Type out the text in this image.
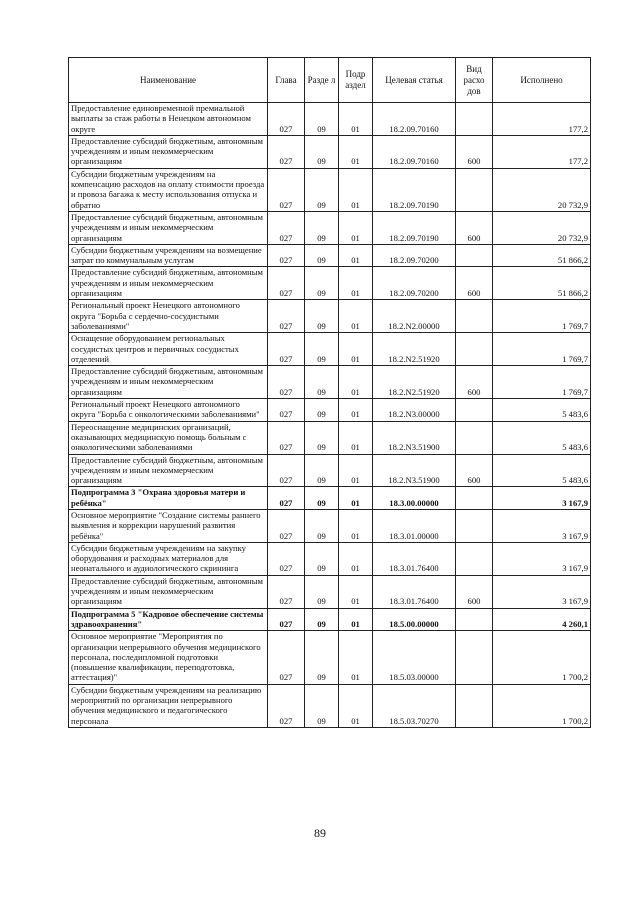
Наименование	Глава	Разде л	Подр аздел	Целевая статья	Вид расхо дов	Исполнено
Предоставление единовременной премиальной выплаты за стаж работы в Ненецком автономном округе	027	09	01	18.2.09.70160		177,2
Предоставление субсидий бюджетным, автономным учреждениям и иным некоммерческим организациям	027	09	01	18.2.09.70160	600	177,2
Субсидии бюджетным учреждениям на компенсацию расходов на оплату стоимости проезда и провоза багажа к месту использования отпуска и обратно	027	09	01	18.2.09.70190		20 732,9
Предоставление субсидий бюджетным, автономным учреждениям и иным некоммерческим организациям	027	09	01	18.2.09.70190	600	20 732,9
Субсидии бюджетным учреждениям на возмещение затрат по коммунальным услугам	027	09	01	18.2.09.70200		51 866,2
Предоставление субсидий бюджетным, автономным учреждениям и иным некоммерческим организациям	027	09	01	18.2.09.70200	600	51 866,2
Региональный проект Ненецкого автономного округа "Борьба с сердечно-сосудистыми заболеваниями"	027	09	01	18.2.N2.00000		1 769,7
Оснащение оборудованием региональных сосудистых центров и первичных сосудистых отделений	027	09	01	18.2.N2.51920		1 769,7
Предоставление субсидий бюджетным, автономным учреждениям и иным некоммерческим организациям	027	09	01	18.2.N2.51920	600	1 769,7
Региональный проект Ненецкого автономного округа "Борьба с онкологическими заболеваниями"	027	09	01	18.2.N3.00000		5 483,6
Переоснащение медицинских организаций, оказывающих медицинскую помощь больным с онкологическими заболеваниями	027	09	01	18.2.N3.51900		5 483,6
Предоставление субсидий бюджетным, автономным учреждениям и иным некоммерческим организациям	027	09	01	18.2.N3.51900	600	5 483,6
Подпрограмма 3 "Охрана здоровья матери и ребёнка"	027	09	01	18.3.00.00000		3 167,9
Основное мероприятие "Создание системы раннего выявления и коррекции нарушений развития ребёнка"	027	09	01	18.3.01.00000		3 167,9
Субсидии бюджетным учреждениям на закупку оборудования и расходных материалов для неонатального и аудиологического скрининга	027	09	01	18.3.01.76400		3 167,9
Предоставление субсидий бюджетным, автономным учреждениям и иным некоммерческим организациям	027	09	01	18.3.01.76400	600	3 167,9
Подпрограмма 5 "Кадровое обеспечение системы здравоохранения"	027	09	01	18.5.00.00000		4 260,1
Основное мероприятие "Мероприятия по организации непрерывного обучения медицинского персонала, последипломной подготовки (повышение квалификации, переподготовка, аттестация)"	027	09	01	18.5.03.00000		1 700,2
Субсидии бюджетным учреждениям на реализацию мероприятий по организации непрерывного обучения медицинского и педагогического персонала	027	09	01	18.5.03.70270		1 700,2
89
